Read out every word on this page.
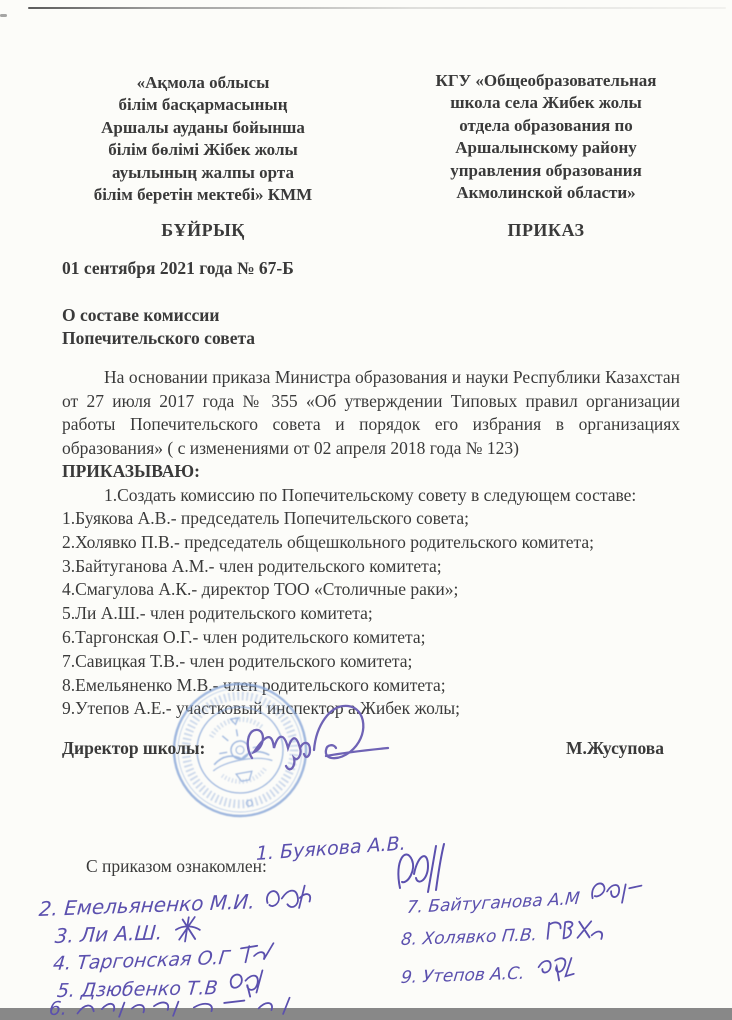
«Ақмола облысы
білім басқармасының
Аршалы ауданы бойынша
білім бөлімі Жібек жолы
ауылының жалпы орта
білім беретін мектебі» КММ
КГУ «Общеобразовательная
школа села Жибек жолы
отдела образования по
Аршалынскому району
управления образования
Акмолинской области»
БҰЙРЫҚ	ПРИКАЗ
01 сентября 2021 года № 67-Б
О составе комиссии
Попечительского совета

На основании приказа Министра образования и науки Республики Казахстан от 27 июля 2017 года № 355 «Об утверждении Типовых правил организации работы Попечительского совета и порядок его избрания в организациях образования» ( с изменениями от 02 апреля 2018 года № 123)

ПРИКАЗЫВАЮ:
1.Создать комиссию по Попечительскому совету в следующем составе:
1.Буякова А.В.- председатель Попечительского совета;
2.Холявко П.В.- председатель общешкольного родительского комитета;
3.Байтуганова А.М.- член родительского комитета;
4.Смагулова А.К.- директор ТОО «Столичные раки»;
5.Ли А.Ш.- член родительского комитета;
6.Таргонская О.Г.- член родительского комитета;
7.Савицкая Т.В.- член родительского комитета;
8.Емельяненко М.В.- член родительского комитета;
9.Утепов А.Е.- участковый инспектор а.Жибек жолы;
Директор школы:	М.Жусупова
С приказом ознакомлен:
1. Буякова А.В.
2. Емельяненко М.И.
3. Ли А.Ш.
4. Таргонская О.Г
5. Дзюбенко Т.В
6.
7. Байтуганова А.М
8. Холявко П.В.
9. Утепов А.С.
